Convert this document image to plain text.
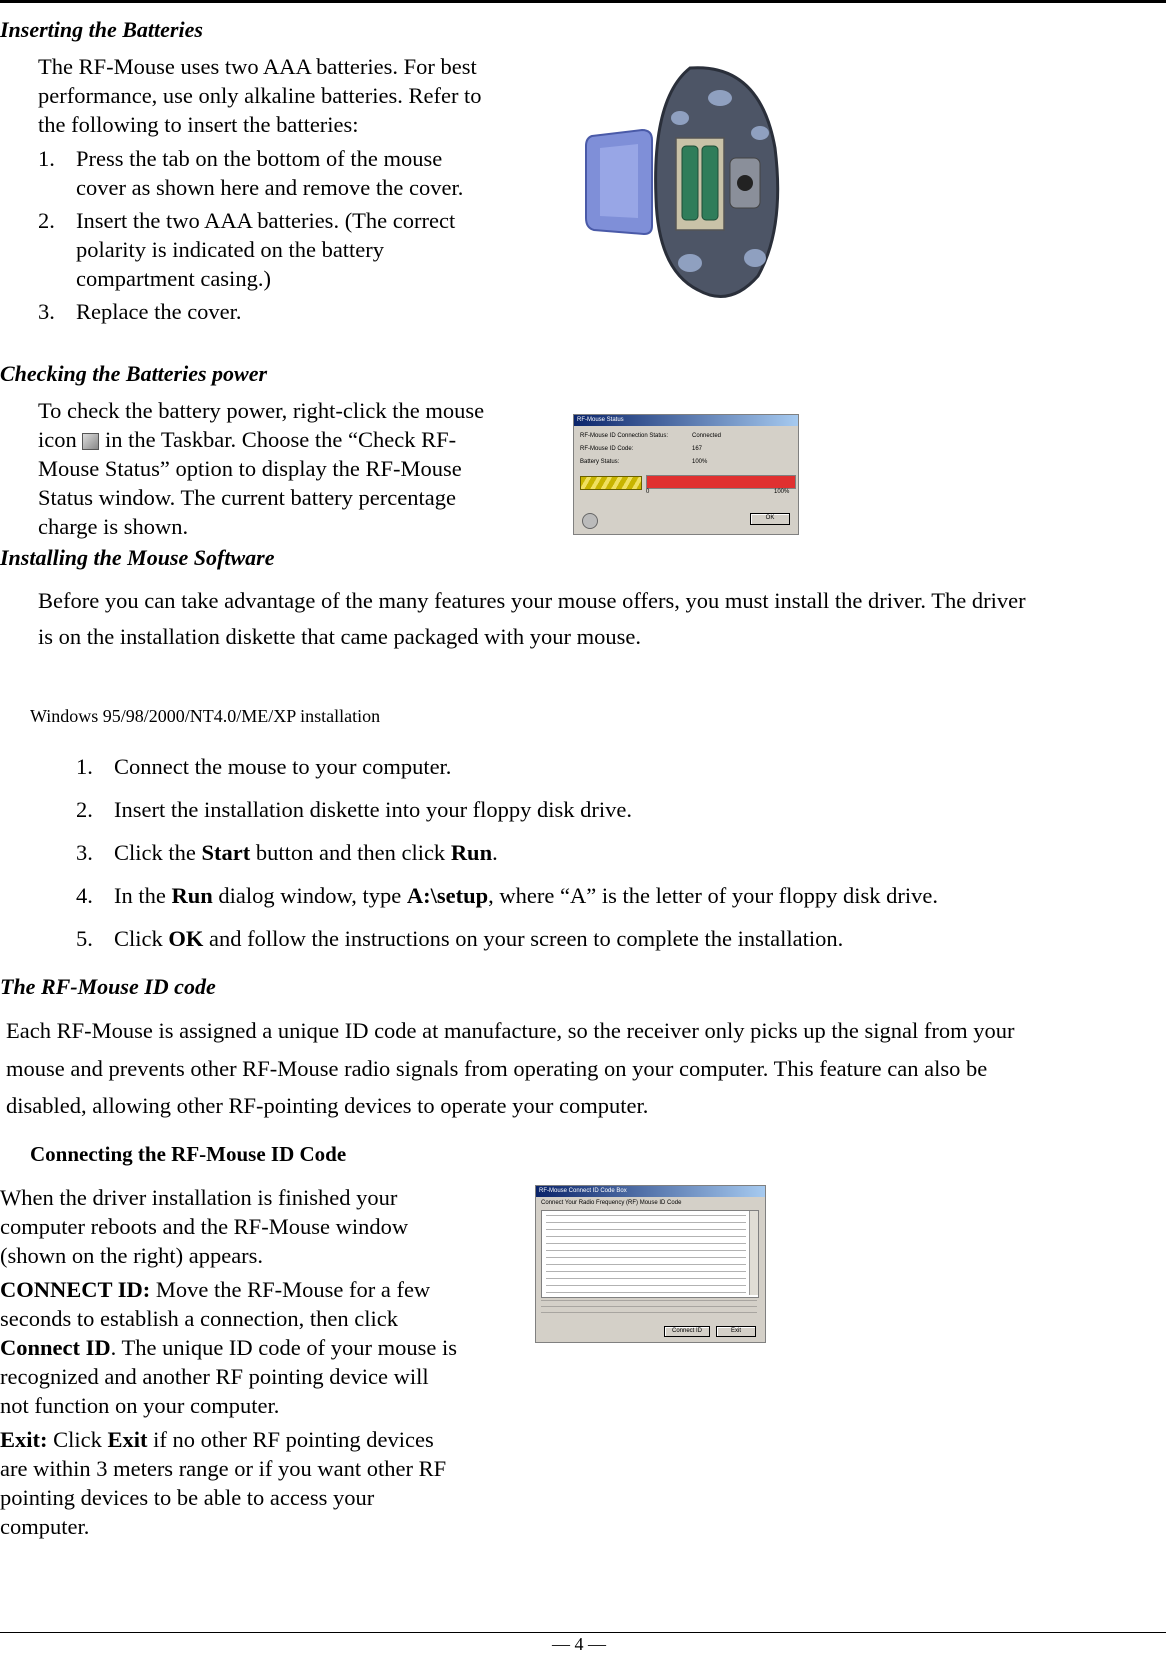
Inserting the Batteries
The RF-Mouse uses two AAA batteries. For best
performance, use only alkaline batteries. Refer to
the following to insert the batteries:
1. Press the tab on the bottom of the mouse
cover as shown here and remove the cover.
2. Insert the two AAA batteries. (The correct
polarity is indicated on the battery
compartment casing.)
3. Replace the cover.
Checking the Batteries power
To check the battery power, right-click the mouse
icon in the Taskbar. Choose the “Check RF-
Mouse Status” option to display the RF-Mouse
Status window. The current battery percentage
charge is shown.
RF-Mouse Status
RF-Mouse ID Connection Status:	Connected
RF-Mouse ID Code:	167
Battery Status:	100%
0	100%
OK
Installing the Mouse Software
Before you can take advantage of the many features your mouse offers, you must install the driver. The driver
is on the installation diskette that came packaged with your mouse.
Windows 95/98/2000/NT4.0/ME/XP installation
1. Connect the mouse to your computer.
2. Insert the installation diskette into your floppy disk drive.
3. Click the Start button and then click Run.
4. In the Run dialog window, type A:\setup, where “A” is the letter of your floppy disk drive.
5. Click OK and follow the instructions on your screen to complete the installation.
The RF-Mouse ID code
Each RF-Mouse is assigned a unique ID code at manufacture, so the receiver only picks up the signal from your
mouse and prevents other RF-Mouse radio signals from operating on your computer. This feature can also be
disabled, allowing other RF-pointing devices to operate your computer.
Connecting the RF-Mouse ID Code
When the driver installation is finished your
computer reboots and the RF-Mouse window
(shown on the right) appears.
CONNECT ID: Move the RF-Mouse for a few
seconds to establish a connection, then click
Connect ID. The unique ID code of your mouse is
recognized and another RF pointing device will
not function on your computer.
Exit: Click Exit if no other RF pointing devices
are within 3 meters range or if you want other RF
pointing devices to be able to access your
computer.
RF-Mouse Connect ID Code Box
Connect Your Radio Frequency (RF) Mouse ID Code
Connect ID	Exit
— 4 —
